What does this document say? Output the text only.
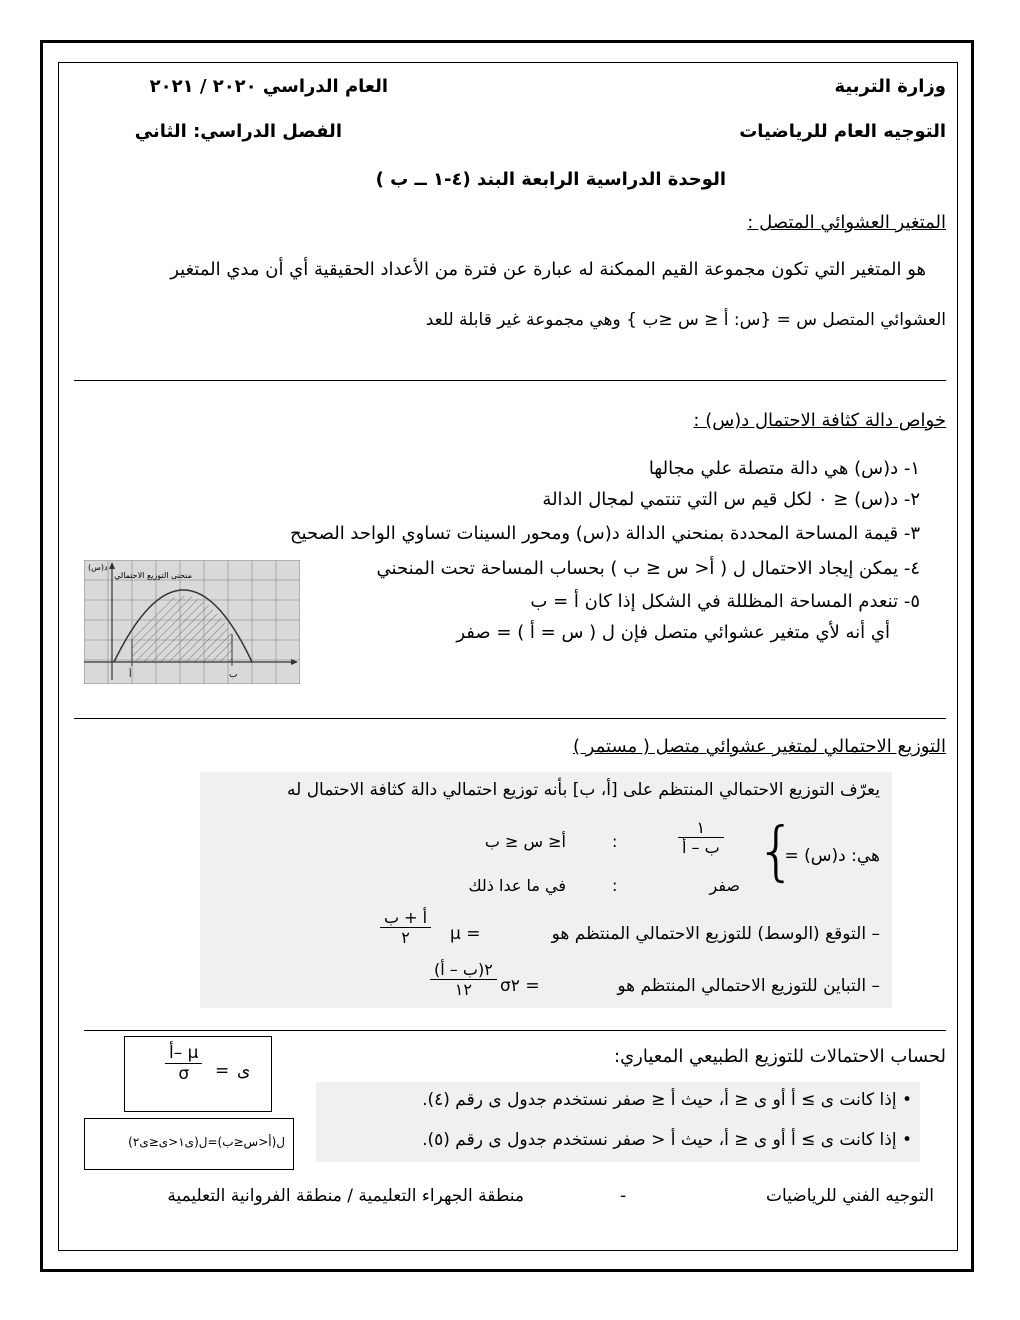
وزارة التربية
العام الدراسي ٢٠٢٠ / ٢٠٢١
التوجيه العام للرياضيات
الفصل الدراسي: الثاني
الوحدة الدراسية الرابعة البند (٤-١ ــ ب )
المتغير العشوائي المتصل :
هو المتغير التي تكون مجموعة القيم الممكنة له عبارة عن فترة من الأعداد الحقيقية أي أن مدي المتغير
العشوائي المتصل س = {س: أ ≤ س ≤ب } وهي مجموعة غير قابلة للعد
خواص دالة كثافة الاحتمال د(س) :
١- د(س) هي دالة متصلة علي مجالها
٢- د(س) ≤ ٠ لكل قيم س التي تنتمي لمجال الدالة
٣- قيمة المساحة المحددة بمنحني الدالة د(س) ومحور السينات تساوي الواحد الصحيح
٤- يمكن إيجاد الاحتمال ل ( أ< س ≤ ب ) بحساب المساحة تحت المنحني
٥- تنعدم المساحة المظللة في الشكل إذا كان أ = ب
أي أنه لأي متغير عشوائي متصل فإن ل ( س = أ ) = صفر
د(س)
منحنى التوزيع الاحتمالي
أ	ب
التوزيع الاحتمالي لمتغير عشوائي متصل ( مستمر )
يعرّف التوزيع الاحتمالي المنتظم على [أ، ب] بأنه توزيع احتمالي دالة كثافة الاحتمال له
هي: د(س) =
{
$\frac{١}{\text{ب – أ}}$
:
أ≤ س ≤ ب
صفر
:
في ما عدا ذلك
– التوقع (الوسط) للتوزيع الاحتمالي المنتظم هو
μ =
$\frac{\text{أ + ب}}{٢}$
– التباين للتوزيع الاحتمالي المنتظم هو
σ٢ =
$\frac{\text{(ب – أ)٢}}{١٢}$
لحساب الاحتمالات للتوزيع الطبيعي المعياري:
• إذا كانت ى ≥ أ أو ى ≤ أ، حيث أ ≤ صفر نستخدم جدول ى رقم (٤).
• إذا كانت ى ≥ أ أو ى ≤ أ، حيث أ < صفر نستخدم جدول ى رقم (٥).
ى
=
$\frac{\text{أ– μ}}{\sigma}$
ل(أ<س≤ب)=ل(ى١<ى≤ى٢)
التوجيه الفني للرياضيات
-
منطقة الجهراء التعليمية / منطقة الفروانية التعليمية
